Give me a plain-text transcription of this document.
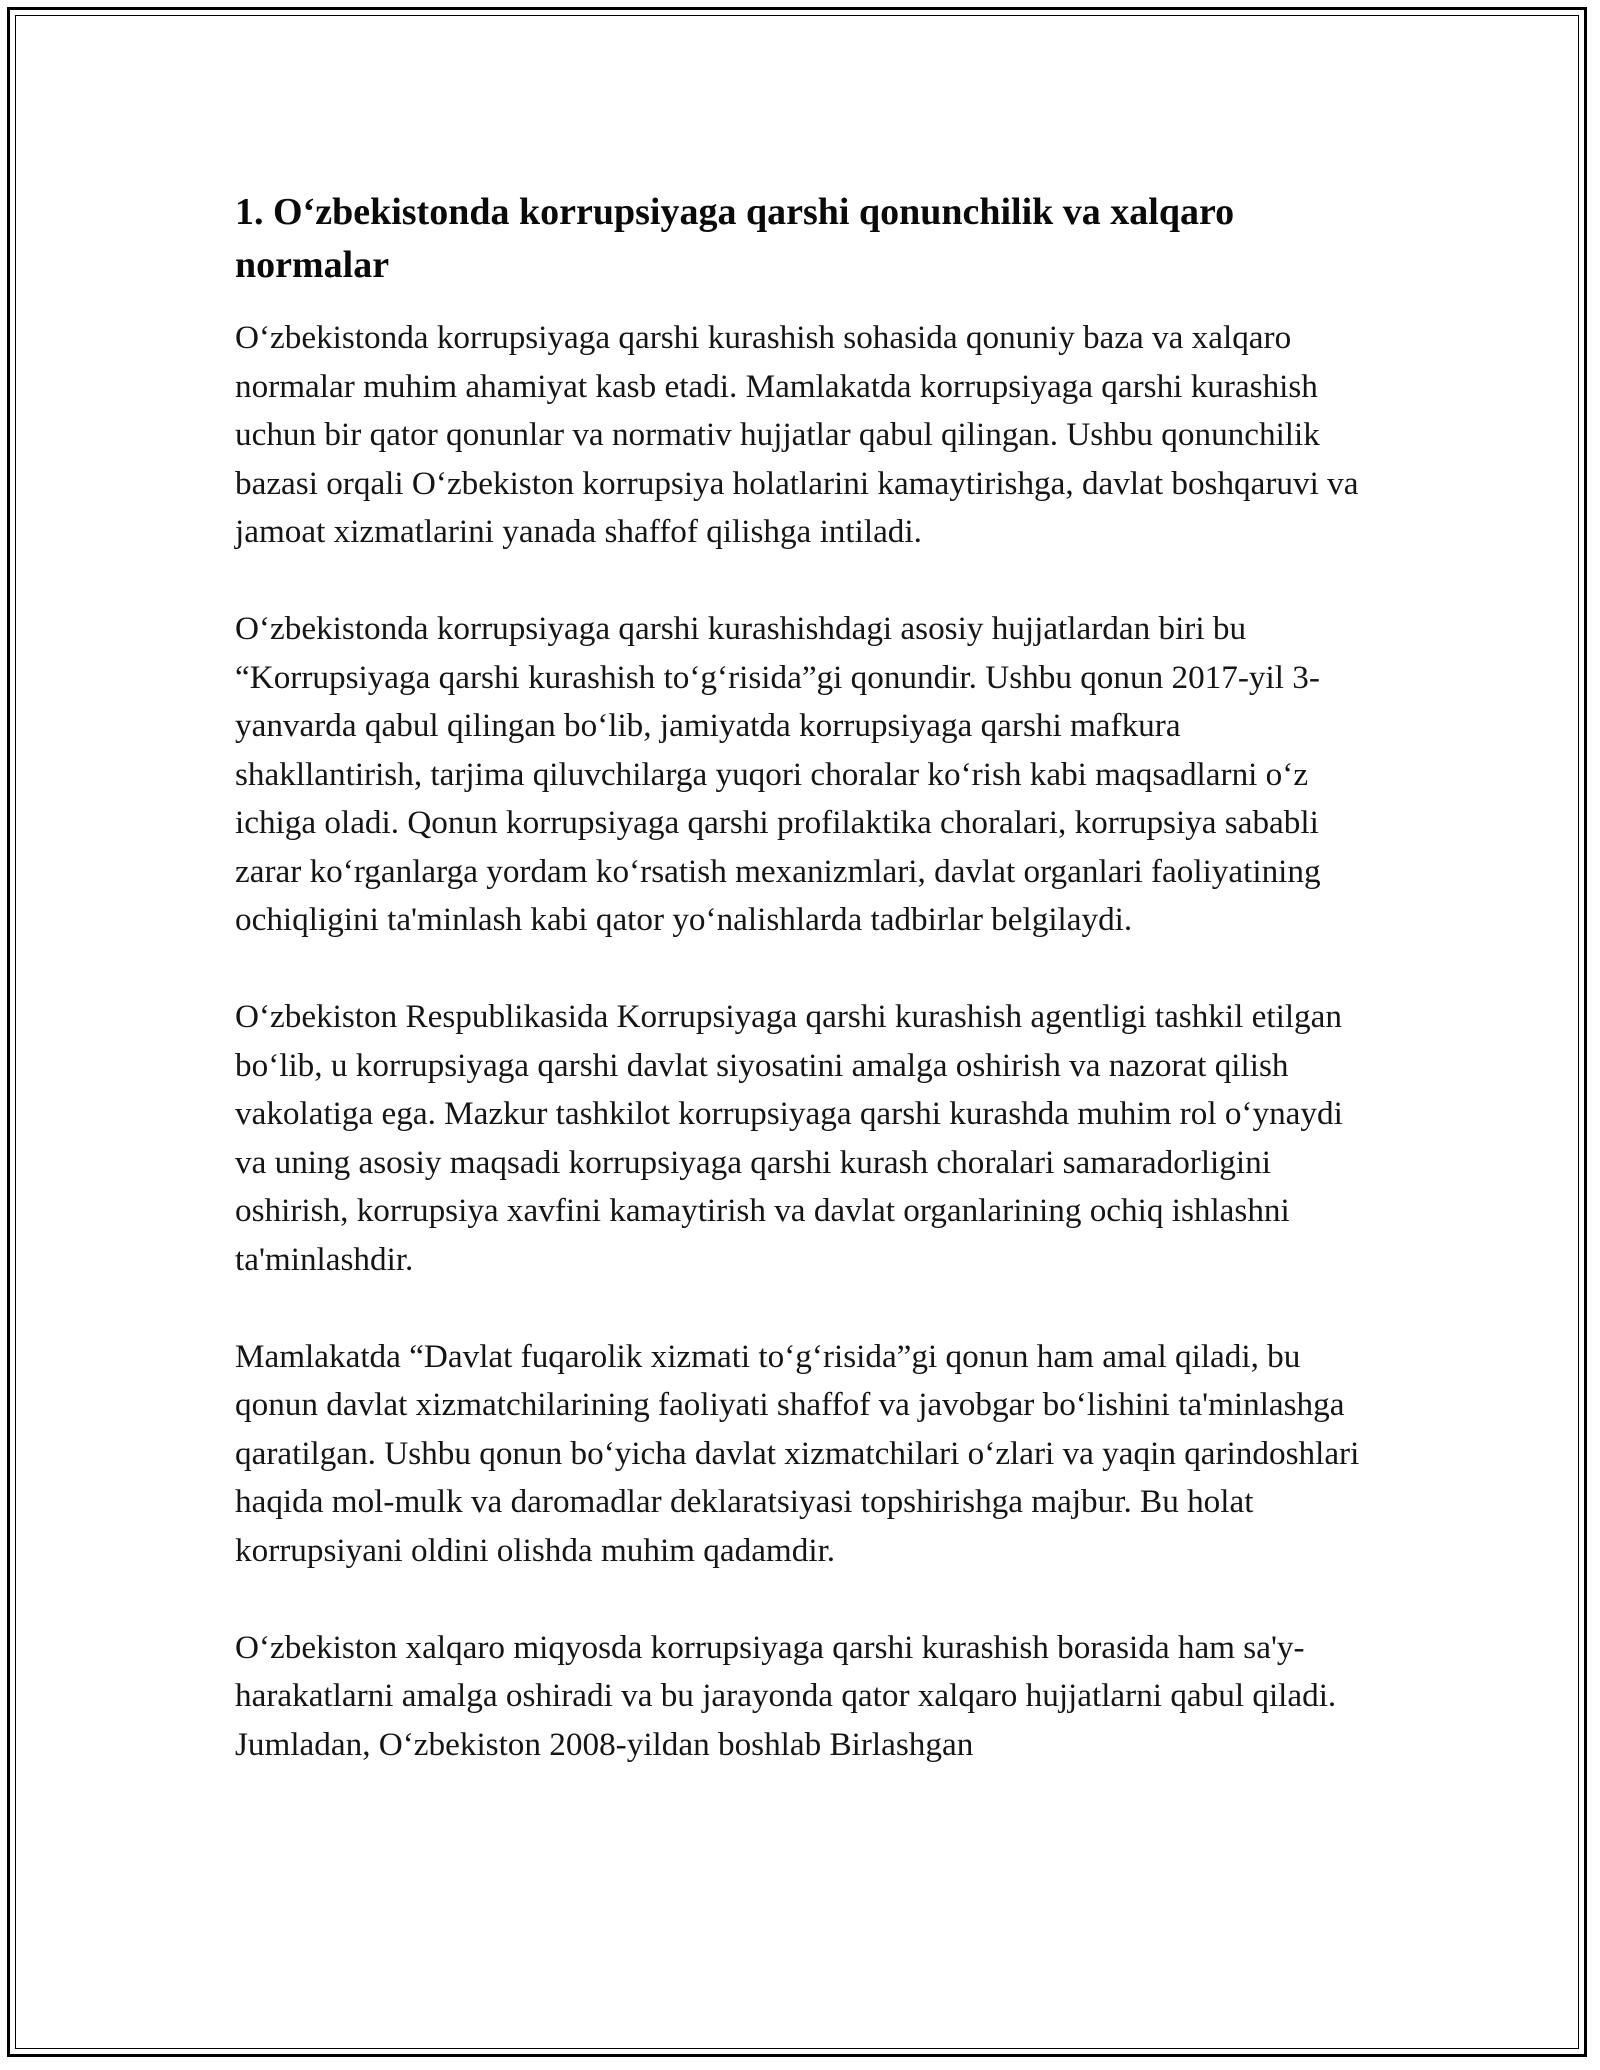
1. O‘zbekistonda korrupsiyaga qarshi qonunchilik va xalqaro normalar

O‘zbekistonda korrupsiyaga qarshi kurashish sohasida qonuniy baza va xalqaro normalar muhim ahamiyat kasb etadi. Mamlakatda korrupsiyaga qarshi kurashish uchun bir qator qonunlar va normativ hujjatlar qabul qilingan. Ushbu qonunchilik bazasi orqali O‘zbekiston korrupsiya holatlarini kamaytirishga, davlat boshqaruvi va jamoat xizmatlarini yanada shaffof qilishga intiladi.

O‘zbekistonda korrupsiyaga qarshi kurashishdagi asosiy hujjatlardan biri bu “Korrupsiyaga qarshi kurashish to‘g‘risida”gi qonundir. Ushbu qonun 2017-yil 3-yanvarda qabul qilingan bo‘lib, jamiyatda korrupsiyaga qarshi mafkura shakllantirish, tarjima qiluvchilarga yuqori choralar ko‘rish kabi maqsadlarni o‘z ichiga oladi. Qonun korrupsiyaga qarshi profilaktika choralari, korrupsiya sababli zarar ko‘rganlarga yordam ko‘rsatish mexanizmlari, davlat organlari faoliyatining ochiqligini ta'minlash kabi qator yo‘nalishlarda tadbirlar belgilaydi.

O‘zbekiston Respublikasida Korrupsiyaga qarshi kurashish agentligi tashkil etilgan bo‘lib, u korrupsiyaga qarshi davlat siyosatini amalga oshirish va nazorat qilish vakolatiga ega. Mazkur tashkilot korrupsiyaga qarshi kurashda muhim rol o‘ynaydi va uning asosiy maqsadi korrupsiyaga qarshi kurash choralari samaradorligini oshirish, korrupsiya xavfini kamaytirish va davlat organlarining ochiq ishlashni ta'minlashdir.

Mamlakatda “Davlat fuqarolik xizmati to‘g‘risida”gi qonun ham amal qiladi, bu qonun davlat xizmatchilarining faoliyati shaffof va javobgar bo‘lishini ta'minlashga qaratilgan. Ushbu qonun bo‘yicha davlat xizmatchilari o‘zlari va yaqin qarindoshlari haqida mol-mulk va daromadlar deklaratsiyasi topshirishga majbur. Bu holat korrupsiyani oldini olishda muhim qadamdir.

O‘zbekiston xalqaro miqyosda korrupsiyaga qarshi kurashish borasida ham sa'y-harakatlarni amalga oshiradi va bu jarayonda qator xalqaro hujjatlarni qabul qiladi. Jumladan, O‘zbekiston 2008-yildan boshlab Birlashgan
